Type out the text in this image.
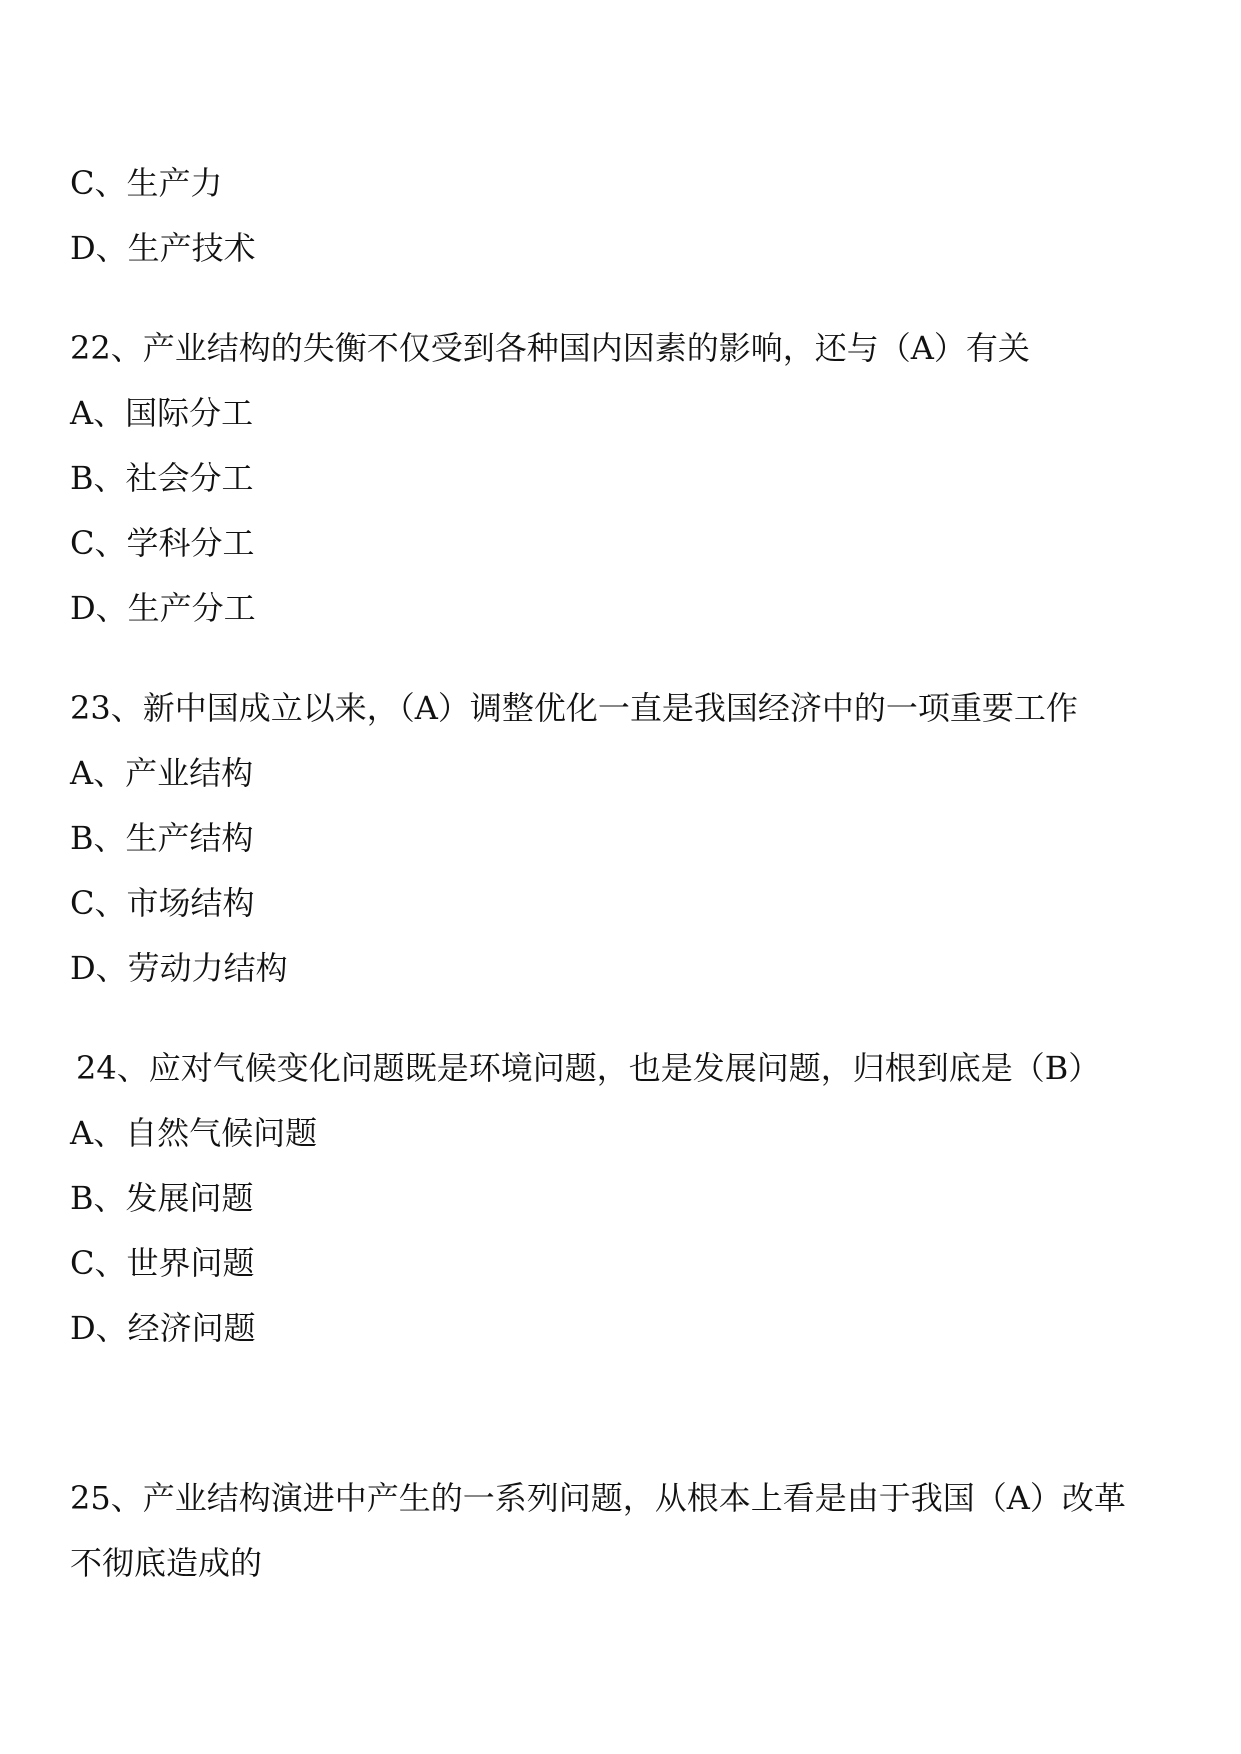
C、生产力
D、生产技术
22、产业结构的失衡不仅受到各种国内因素的影响，还与（A）有关
A、国际分工
B、社会分工
C、学科分工
D、生产分工
23、新中国成立以来，（A）调整优化一直是我国经济中的一项重要工作
A、产业结构
B、生产结构
C、市场结构
D、劳动力结构
24、应对气候变化问题既是环境问题，也是发展问题，归根到底是（B）
A、自然气候问题
B、发展问题
C、世界问题
D、经济问题
25、产业结构演进中产生的一系列问题，从根本上看是由于我国（A）改革
不彻底造成的
